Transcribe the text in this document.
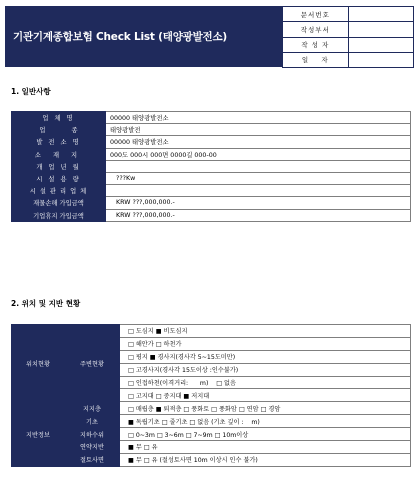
기관기계종합보험 Check List (태양광발전소)
문서번호	
작성부서	
작 성 자	
일    자	
1. 일반사항
업 체 명	00000 태양광발전소
업 종	태양광발전
발 전 소 명	00000 태양광발전소
소 재 지	000도 000시 000면 0000길 000-00
개 업 년 월	
시 설 용 량	???Kw
시 설 관 리 업 체	
재물손해 가입금액	KRW ???,000,000.-
기업휴지 가입금액	KRW ???,000,000.-
2. 위치 및 지반 현황
위치현황	주변현황	□ 도심지 ■ 비도심지
		□ 해안가 □ 하천가
		□ 평지 ■ 경사지(경사각 5~15도미만)
		□ 고경사지(경사각 15도이상 :인수불가)
		□ 인접하천(이격거리:      m)    □ 없음
		□ 고지대 □ 중지대 ■ 저지대
지반정보	지지층	□ 매립층 ■ 퇴적층 □ 풍화토 □ 풍화암 □ 연암 □ 경암
	기초	■ 독립기초 □ 줄기초 □ 없음 (기초 깊이 :    m)
	지하수위	□ 0~3m □ 3~6m □ 7~9m □ 10m이상
	연약지반	■ 무 □ 유
	절토사면	■ 무 □ 유 (절성토사면 10m 이상시 인수 불가)
